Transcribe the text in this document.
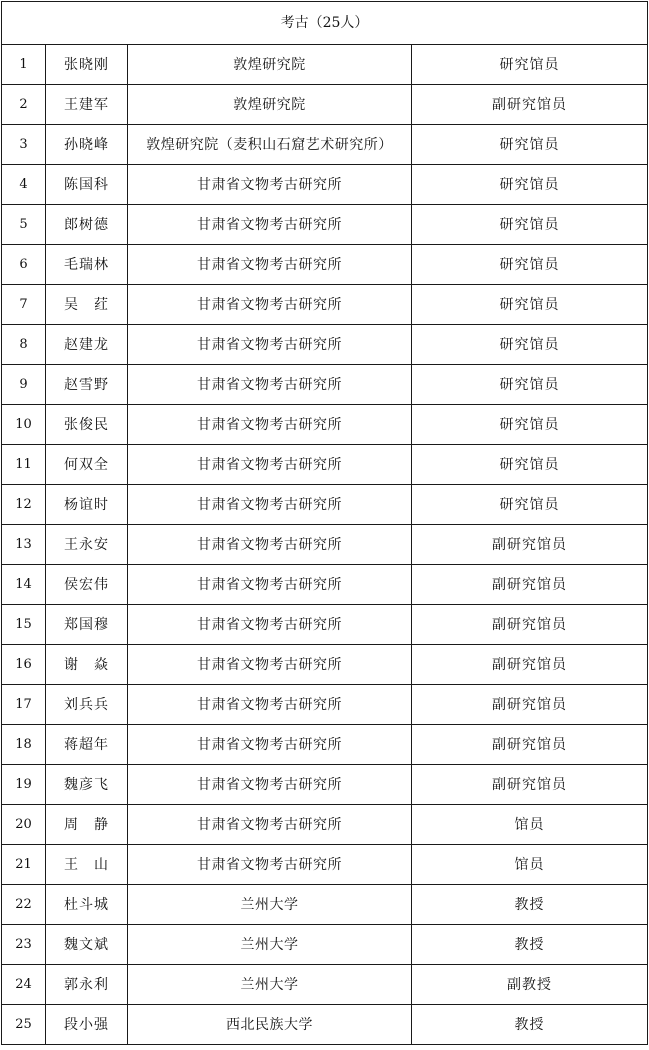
考古（25人）			
1	张晓刚	敦煌研究院	研究馆员
2	王建军	敦煌研究院	副研究馆员
3	孙晓峰	敦煌研究院（麦积山石窟艺术研究所）	研究馆员
4	陈国科	甘肃省文物考古研究所	研究馆员
5	郎树德	甘肃省文物考古研究所	研究馆员
6	毛瑞林	甘肃省文物考古研究所	研究馆员
7	吴　荭	甘肃省文物考古研究所	研究馆员
8	赵建龙	甘肃省文物考古研究所	研究馆员
9	赵雪野	甘肃省文物考古研究所	研究馆员
10	张俊民	甘肃省文物考古研究所	研究馆员
11	何双全	甘肃省文物考古研究所	研究馆员
12	杨谊时	甘肃省文物考古研究所	研究馆员
13	王永安	甘肃省文物考古研究所	副研究馆员
14	侯宏伟	甘肃省文物考古研究所	副研究馆员
15	郑国穆	甘肃省文物考古研究所	副研究馆员
16	谢　焱	甘肃省文物考古研究所	副研究馆员
17	刘兵兵	甘肃省文物考古研究所	副研究馆员
18	蒋超年	甘肃省文物考古研究所	副研究馆员
19	魏彦飞	甘肃省文物考古研究所	副研究馆员
20	周　静	甘肃省文物考古研究所	馆员
21	王　山	甘肃省文物考古研究所	馆员
22	杜斗城	兰州大学	教授
23	魏文斌	兰州大学	教授
24	郭永利	兰州大学	副教授
25	段小强	西北民族大学	教授
